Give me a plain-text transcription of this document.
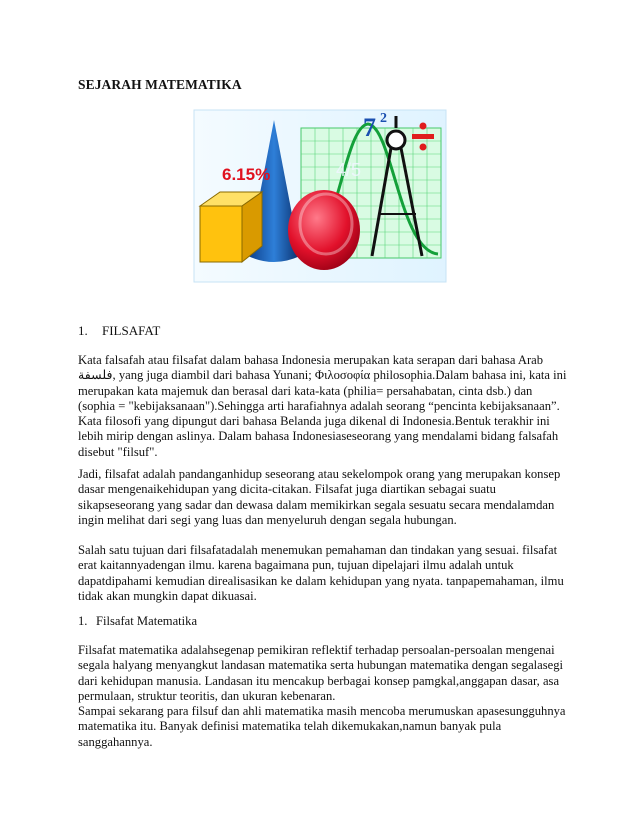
SEJARAH MATEMATIKA
4/5
7 2
6.15%
1. FILSAFAT

Kata falsafah atau filsafat dalam bahasa Indonesia merupakan kata serapan dari bahasa Arab فلسفة, yang juga diambil dari bahasa Yunani; Φιλοσοφία philosophia.Dalam bahasa ini, kata ini merupakan kata majemuk dan berasal dari kata-kata (philia= persahabatan, cinta dsb.) dan (sophia = "kebijaksanaan").Sehingga arti harafiahnya adalah seorang “pencinta kebijaksanaan”. Kata filosofi yang dipungut dari bahasa Belanda juga dikenal di Indonesia.Bentuk terakhir ini lebih mirip dengan aslinya. Dalam bahasa Indonesiaseseorang yang mendalami bidang falsafah disebut "filsuf".

Jadi, filsafat adalah pandanganhidup seseorang atau sekelompok orang yang merupakan konsep dasar mengenaikehidupan yang dicita-citakan. Filsafat juga diartikan sebagai suatu sikapseseorang yang sadar dan dewasa dalam memikirkan segala sesuatu secara mendalamdan ingin melihat dari segi yang luas dan menyeluruh dengan segala hubungan.

Salah satu tujuan dari filsafatadalah menemukan pemahaman dan tindakan yang sesuai. filsafat erat kaitannyadengan ilmu. karena bagaimana pun, tujuan dipelajari ilmu adalah untuk dapatdipahami kemudian direalisasikan ke dalam kehidupan yang nyata. tanpapemahaman, ilmu tidak akan mungkin dapat dikuasai.

1. Filsafat Matematika

Filsafat matematika adalahsegenap pemikiran reflektif terhadap persoalan-persoalan mengenai segala halyang menyangkut landasan matematika serta hubungan matematika dengan segalasegi dari kehidupan manusia. Landasan itu mencakup berbagai konsep pamgkal,anggapan dasar, asa permulaan, struktur teoritis, dan ukuran kebenaran.

Sampai sekarang para filsuf dan ahli matematika masih mencoba merumuskan apasesungguhnya matematika itu. Banyak definisi matematika telah dikemukakan,namun banyak pula sanggahannya.
